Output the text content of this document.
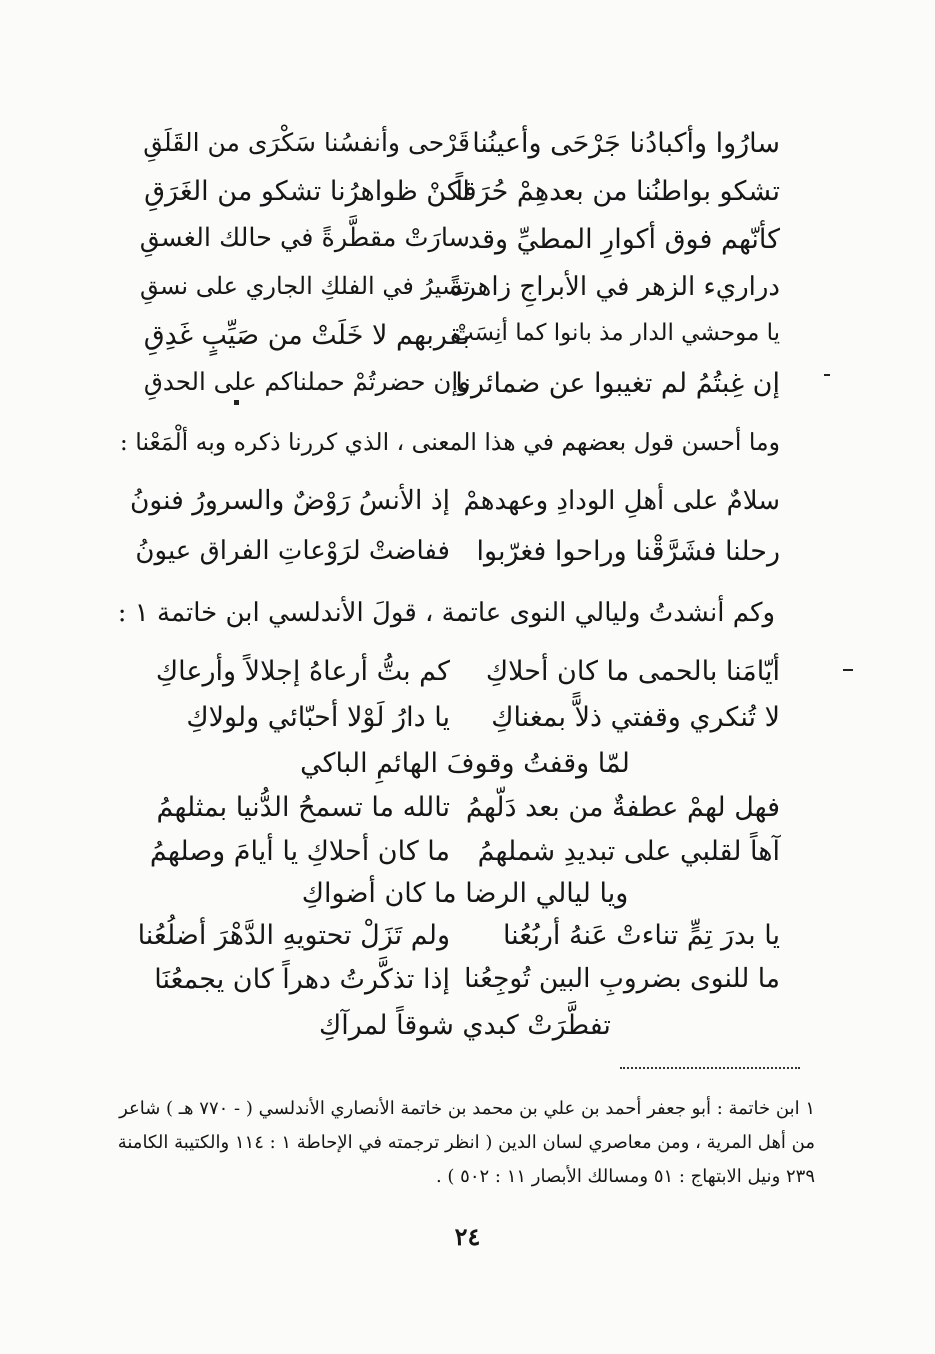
سارُوا وأكبادُنا جَرْحَى وأعينُنا
قَرْحى وأنفسُنا سَكْرَى من القَلَقِ
تشكو بواطنُنا من بعدهِمْ حُرَقاً
لكنْ ظواهرُنا تشكو من الغَرَقِ
كأنّهم فوق أكوارِ المطيِّ وقد
سارَتْ مقطَّرةً في حالك الغسقِ
دراريء الزهر في الأبراجِ زاهرةً
تسيرُ في الفلكِ الجاري على نسقِ
يا موحشي الدار مذ بانوا كما أنِسَتْ
بقربهم لا خَلَتْ من صَيِّبٍ غَدِقِ
إن غِبتُمُ لم تغيبوا عن ضمائرنا
وإن حضرتُمْ حملناكم على الحدقِ
وما أحسن قول بعضهم في هذا المعنى ، الذي كررنا ذكره وبه ألْمَعْنا :
سلامٌ على أهلِ الودادِ وعهدهمْ
إذ الأنسُ رَوْضٌ والسرورُ فنونُ
رحلنا فشَرَّقْنا وراحوا فغرّبوا
ففاضتْ لرَوْعاتِ الفراق عيونُ
وكم أنشدتُ وليالي النوى عاتمة ، قولَ الأندلسي ابن خاتمة ١ :
أيّامَنا بالحمى ما كان أحلاكِ
كم بتُّ أرعاهُ إجلالاً وأرعاكِ
لا تُنكري وقفتي ذلاًّ بمغناكِ
يا دارُ لَوْلا أحبّائي ولولاكِ
لمّا وقفتُ وقوفَ الهائمِ الباكي
فهل لهمْ عطفةٌ من بعد دَلّهمُ
تالله ما تسمحُ الدُّنيا بمثلهمُ
آهاً لقلبي على تبديدِ شملهمُ
ما كان أحلاكِ يا أيامَ وصلهمُ
ويا ليالي الرضا ما كان أضواكِ
يا بدرَ تِمٍّ تناءتْ عَنهُ أربُعُنا
ولم تَزَلْ تحتويهِ الدَّهْرَ أضلُعُنا
ما للنوى بضروبِ البين تُوجِعُنا
إذا تذكَّرتُ دهراً كان يجمعُنَا
تفطَّرَتْ كبدي شوقاً لمرآكِ
١ ابن خاتمة : أبو جعفر أحمد بن علي بن محمد بن خاتمة الأنصاري الأندلسي ( - ٧٧٠ هـ ) شاعر
من أهل المرية ، ومن معاصري لسان الدين ( انظر ترجمته في الإحاطة ١ : ١١٤ والكتيبة الكامنة
٢٣٩ ونيل الابتهاج : ٥١ ومسالك الأبصار ١١ : ٥٠٢ ) .
٢٤
